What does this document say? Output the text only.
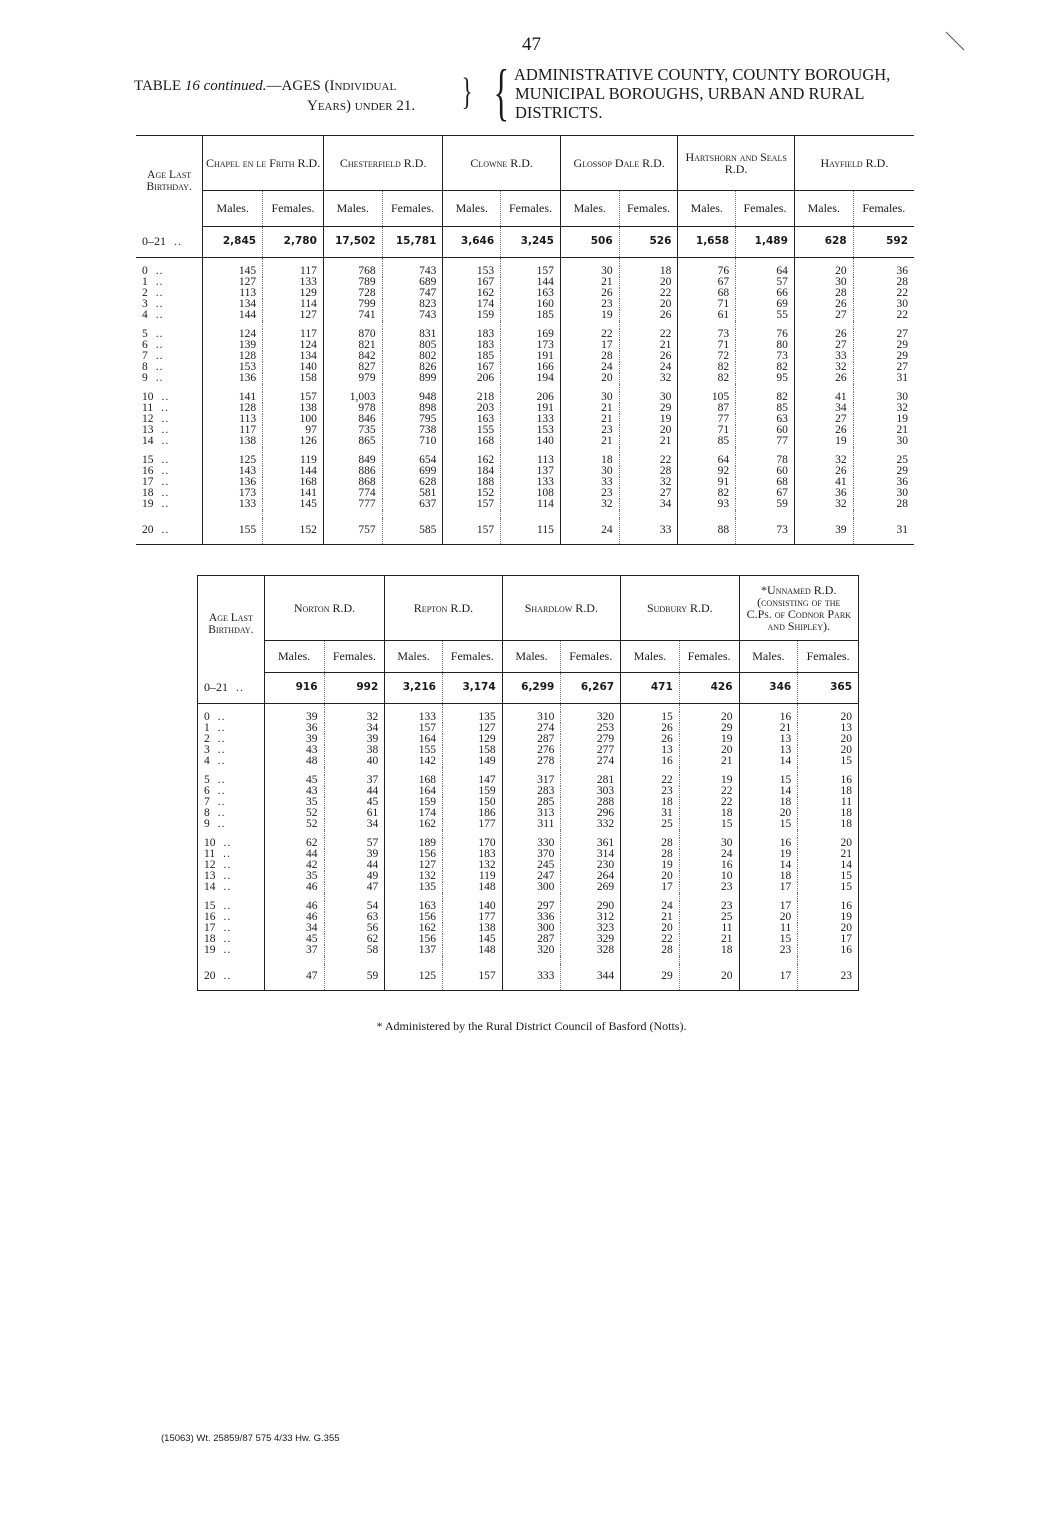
47
TABLE 16 continued.—AGES (Individual
Years) under 21. } { ADMINISTRATIVE COUNTY, COUNTY BOROUGH,
MUNICIPAL BOROUGHS, URBAN AND RURAL
DISTRICTS.
Age Last Birthday.	Chapel en le Frith R.D.		Chesterfield R.D.		Clowne R.D.		Glossop Dale R.D.		Hartshorn and Seals R.D.		Hayfield R.D.	
	Males.	Females.	Males.	Females.	Males.	Females.	Males.	Females.	Males.	Females.	Males.	Females.
0–21 ..	2,845	2,780	17,502	15,781	3,646	3,245	506	526	1,658	1,489	628	592

0 ..	145	117	768	743	153	157	30	18	76	64	20	36
1 ..	127	133	789	689	167	144	21	20	67	57	30	28
2 ..	113	129	728	747	162	163	26	22	68	66	28	22
3 ..	134	114	799	823	174	160	23	20	71	69	26	30
4 ..	144	127	741	743	159	185	19	26	61	55	27	22

5 ..	124	117	870	831	183	169	22	22	73	76	26	27
6 ..	139	124	821	805	183	173	17	21	71	80	27	29
7 ..	128	134	842	802	185	191	28	26	72	73	33	29
8 ..	153	140	827	826	167	166	24	24	82	82	32	27
9 ..	136	158	979	899	206	194	20	32	82	95	26	31

10 ..	141	157	1,003	948	218	206	30	30	105	82	41	30
11 ..	128	138	978	898	203	191	21	29	87	85	34	32
12 ..	113	100	846	795	163	133	21	19	77	63	27	19
13 ..	117	97	735	738	155	153	23	20	71	60	26	21
14 ..	138	126	865	710	168	140	21	21	85	77	19	30

15 ..	125	119	849	654	162	113	18	22	64	78	32	25
16 ..	143	144	886	699	184	137	30	28	92	60	26	29
17 ..	136	168	868	628	188	133	33	32	91	68	41	36
18 ..	173	141	774	581	152	108	23	27	82	67	36	30
19 ..	133	145	777	637	157	114	32	34	93	59	32	28

20 ..	155	152	757	585	157	115	24	33	88	73	39	31
Age Last Birthday.	Norton R.D.		Repton R.D.		Shardlow R.D.		Sudbury R.D.		*Unnamed R.D. (consisting of the C.Ps. of Codnor Park and Shipley).	
	Males.	Females.	Males.	Females.	Males.	Females.	Males.	Females.	Males.	Females.
0–21 ..	916	992	3,216	3,174	6,299	6,267	471	426	346	365

0 ..	39	32	133	135	310	320	15	20	16	20
1 ..	36	34	157	127	274	253	26	29	21	13
2 ..	39	39	164	129	287	279	26	19	13	20
3 ..	43	38	155	158	276	277	13	20	13	20
4 ..	48	40	142	149	278	274	16	21	14	15

5 ..	45	37	168	147	317	281	22	19	15	16
6 ..	43	44	164	159	283	303	23	22	14	18
7 ..	35	45	159	150	285	288	18	22	18	11
8 ..	52	61	174	186	313	296	31	18	20	18
9 ..	52	34	162	177	311	332	25	15	15	18

10 ..	62	57	189	170	330	361	28	30	16	20
11 ..	44	39	156	183	370	314	28	24	19	21
12 ..	42	44	127	132	245	230	19	16	14	14
13 ..	35	49	132	119	247	264	20	10	18	15
14 ..	46	47	135	148	300	269	17	23	17	15

15 ..	46	54	163	140	297	290	24	23	17	16
16 ..	46	63	156	177	336	312	21	25	20	19
17 ..	34	56	162	138	300	323	20	11	11	20
18 ..	45	62	156	145	287	329	22	21	15	17
19 ..	37	58	137	148	320	328	28	18	23	16

20 ..	47	59	125	157	333	344	29	20	17	23
* Administered by the Rural District Council of Basford (Notts).
(15063) Wt. 25859/87 575 4/33 Hw. G.355
